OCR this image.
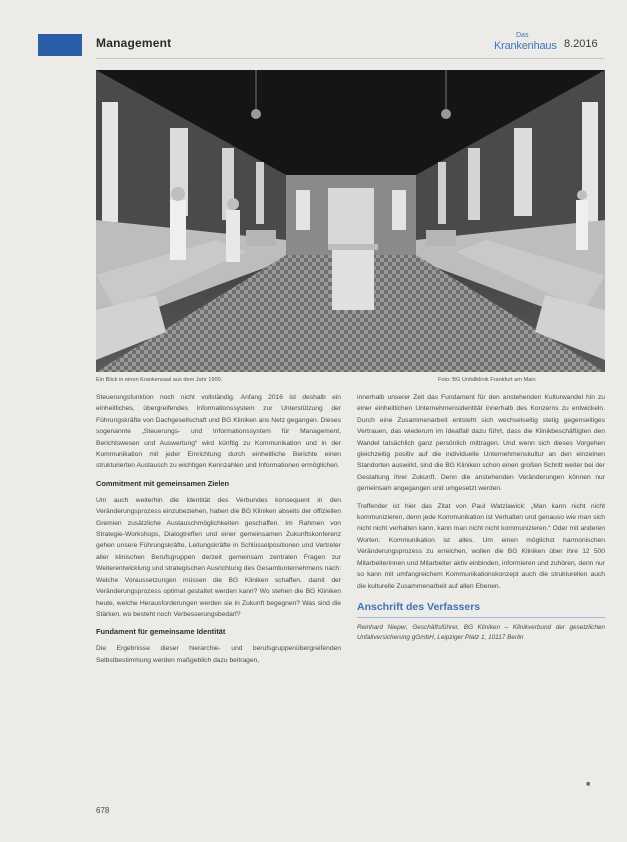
Management
Das
Krankenhaus 8.2016
Ein Blick in einen Krankensaal aus dem Jahr 1900.	Foto: BG Unfallklinik Frankfurt am Main

Steuerungsfunktion noch nicht vollständig. Anfang 2016 ist deshalb ein einheitliches, übergreifendes Informationssystem zur Unterstützung der Führungskräfte von Dachgesellschaft und BG Kliniken ans Netz gegangen. Dieses sogenannte „Steuerungs- und Informationssystem für Management, Berichtswesen und Auswertung“ wird künftig zu Kommunikation und in der Kommunikation mit jeder Einrichtung durch einheitliche Berichte einen strukturierten Austausch zu wichtigen Kennzahlen und Informationen ermöglichen.

Commitment mit gemeinsamen Zielen

Um auch weiterhin die Identität des Verbundes konsequent in den Veränderungsprozess einzubeziehen, haben die BG Kliniken abseits der offiziellen Gremien zusätzliche Austauschmöglichkeiten geschaffen. Im Rahmen von Strategie-Workshops, Dialogtreffen und einer gemeinsamen Zukunftskonferenz gehen unsere Führungskräfte, Leitungskräfte in Schlüsselpositionen und Vertreter aller klinischen Berufsgruppen derzeit gemeinsam zentralen Fragen zur Weiterentwicklung und strategischen Ausrichtung des Gesamtunternehmens nach: Welche Voraussetzungen müssen die BG Kliniken schaffen, damit der Veränderungsprozess optimal gestaltet werden kann? Wo stehen die BG Kliniken heute, welche Herausforderungen werden sie in Zukunft begegnen? Was sind die Stärken, wo besteht noch Verbesserungsbedarf?

Fundament für gemeinsame Identität

Die Ergebnisse dieser hierarchie- und berufsgruppenübergreifenden Selbstbestimmung werden maßgeblich dazu beitragen,

innerhalb unserer Zeit das Fundament für den anstehenden Kulturwandel hin zu einer einheitlichen Unternehmensidentität innerhalb des Konzerns zu entwickeln. Durch eine Zusammenarbeit entsteht sich wechselseitig stetig gegenseitiges Vertrauen, das wiederum im Idealfall dazu führt, dass die Klinikbeschäftigten den Wandel tatsächlich ganz persönlich mittragen. Und wenn sich dieses Vorgehen gleichzeitig positiv auf die individuelle Unternehmenskultur an den einzelnen Standorten auswirkt, sind die BG Kliniken schon einen großen Schritt weiter bei der Gestaltung ihrer Zukunft. Denn die anstehenden Veränderungen können nur gemeinsam angegangen und umgesetzt werden.

Treffender ist hier das Zitat von Paul Watzlawick: „Man kann nicht nicht kommunizieren, denn jede Kommunikation ist Verhalten und genauso wie man sich nicht nicht verhalten kann, kann man nicht nicht kommunizieren.“ Oder mit anderen Worten: Kommunikation ist alles. Um einen möglichst harmonischen Veränderungsprozess zu erreichen, wollen die BG Kliniken über ihre 12 500 Mitarbeiterinnen und Mitarbeiter aktiv einbinden, informieren und zuhören, denn nur so kann mit umfangreichem Kommunikationskonzept auch die strukturellen auch die kulturelle Zusammenarbeit auf allen Ebenen.

Anschrift des Verfassers

Reinhard Nieper, Geschäftsführer, BG Kliniken – Klinikverbund der gesetzlichen Unfallversicherung gGmbH, Leipziger Platz 1, 10117 Berlin

■
678
